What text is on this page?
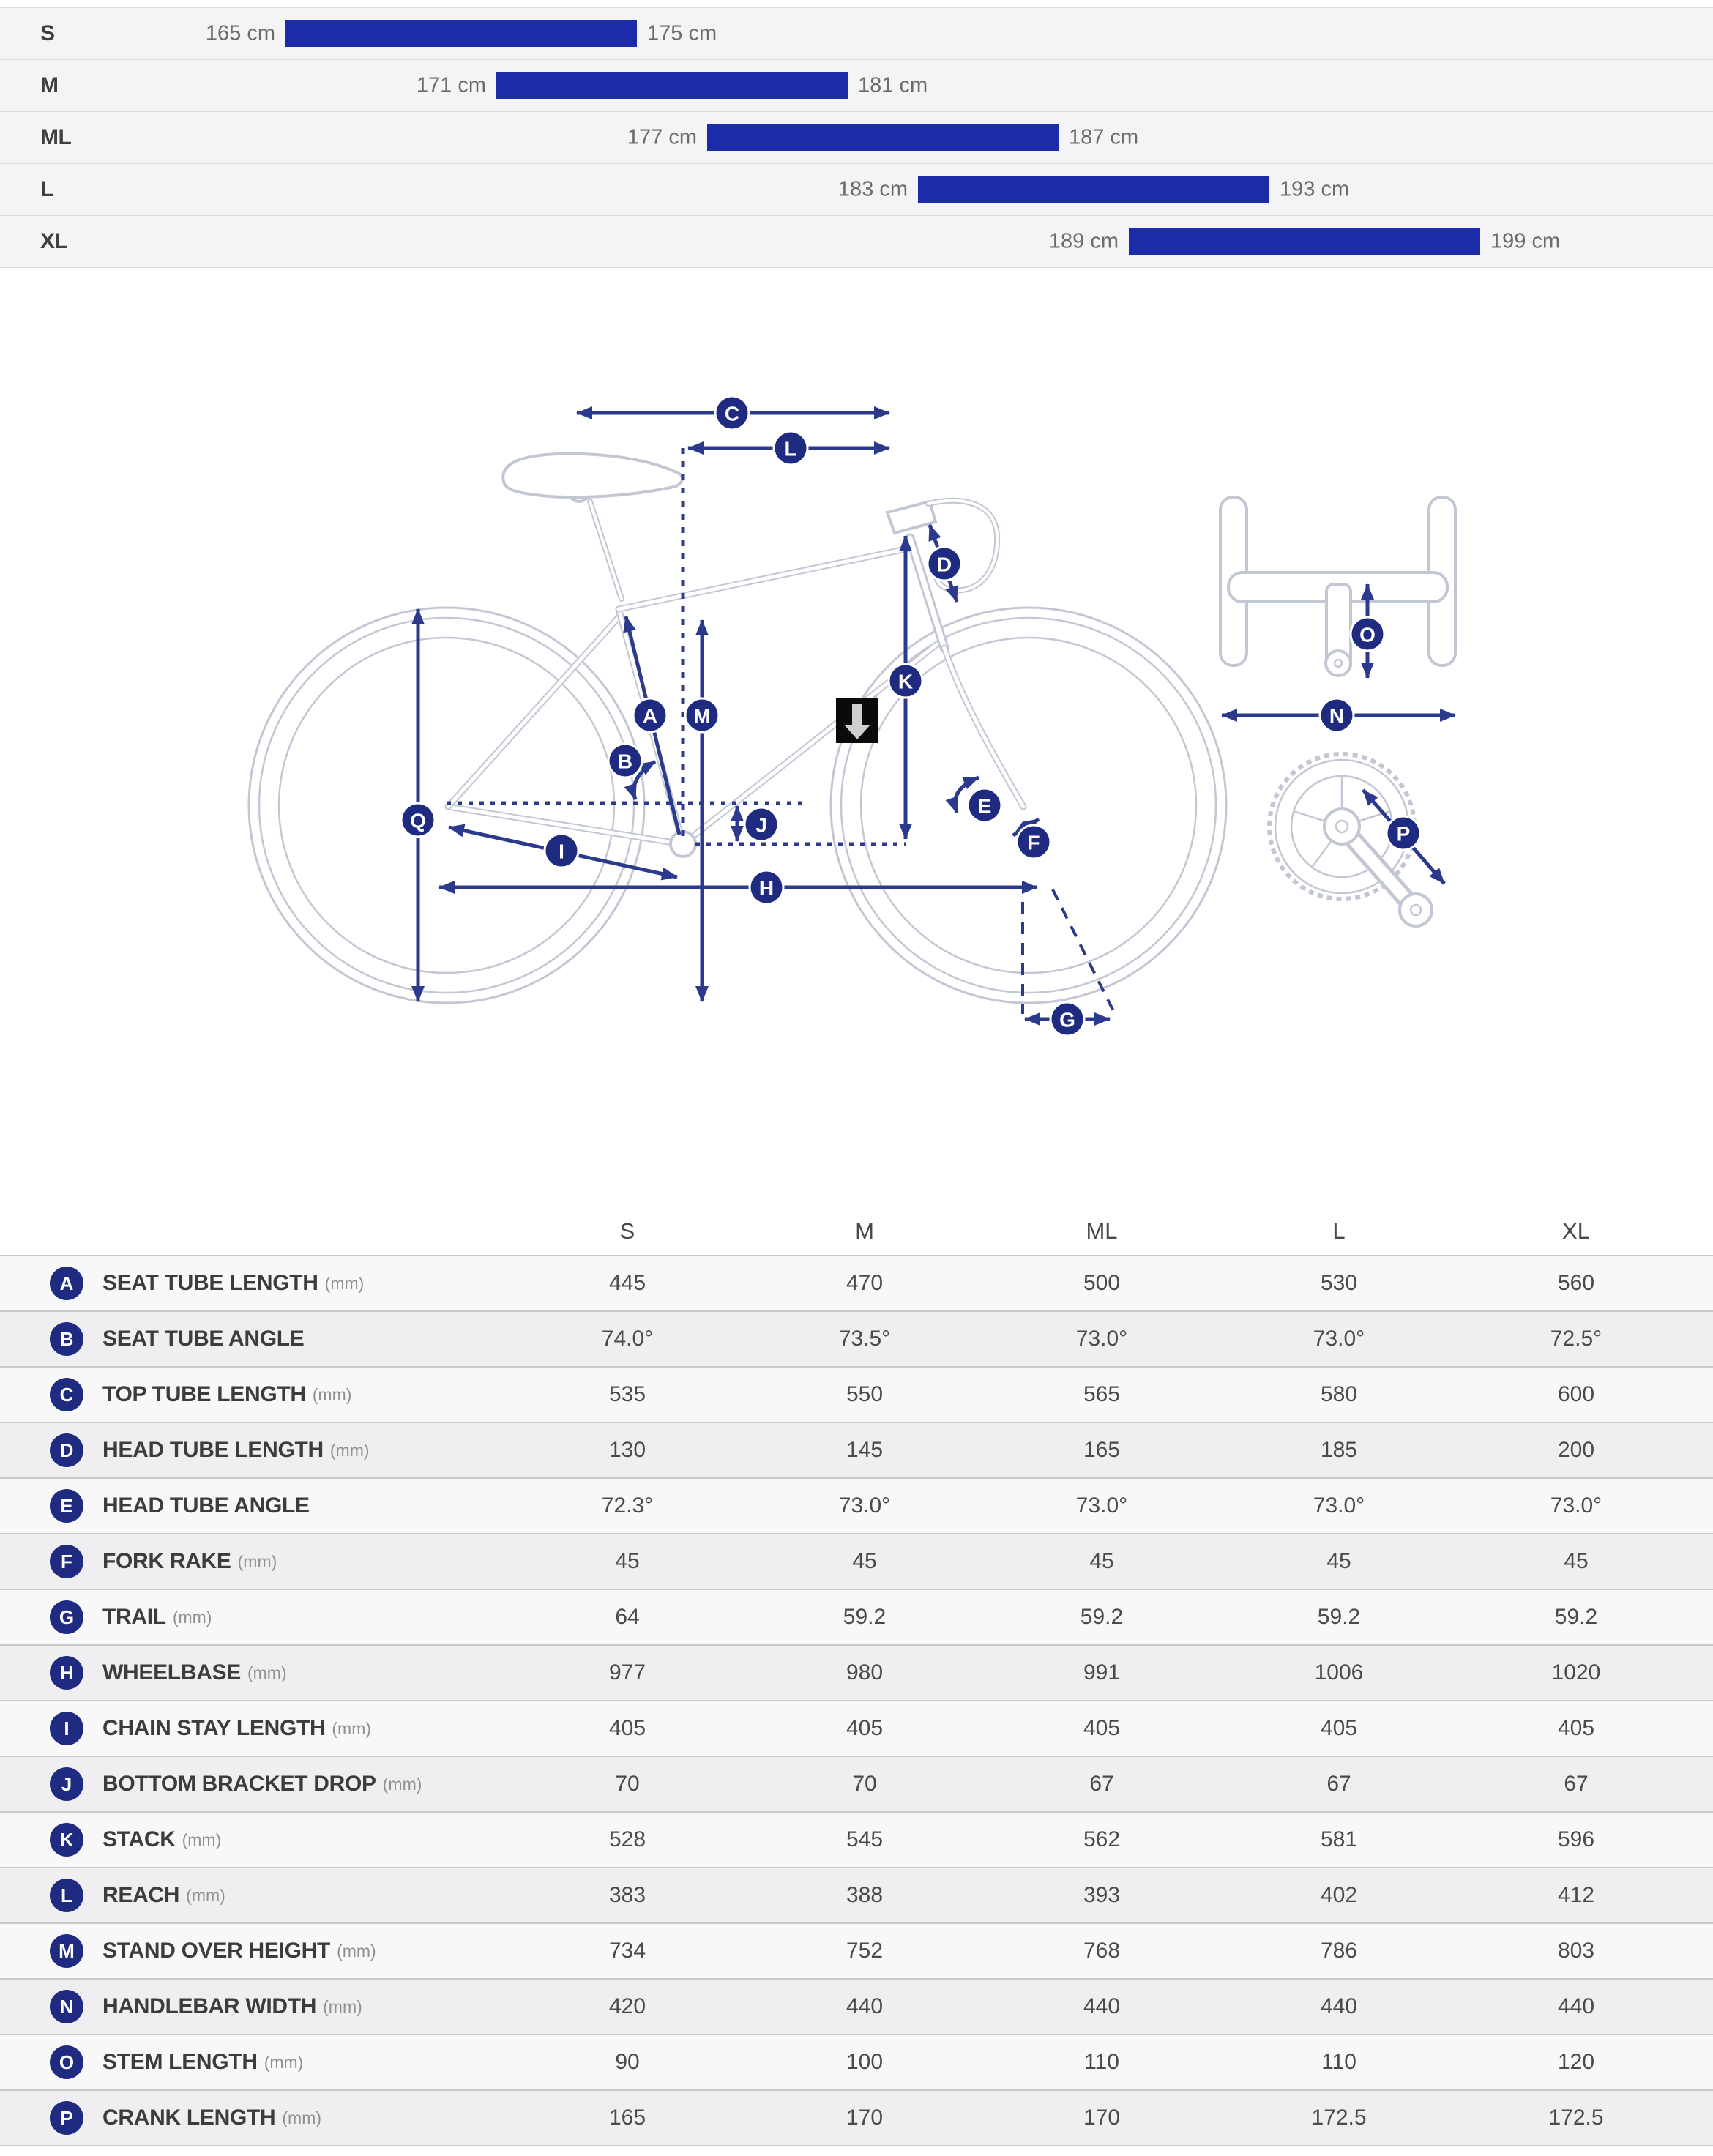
S	165 cm	175 cm
M	171 cm	181 cm
ML	177 cm	187 cm
L	183 cm	193 cm
XL	189 cm	199 cm
A
B
C
D
E
F
G
H
I
J
K
L
M	N
O
P
Q
	S	M	ML	L	XL	
A SEAT TUBE LENGTH (mm)	445	470	500	530	560	
B SEAT TUBE ANGLE	74.0°	73.5°	73.0°	73.0°	72.5°	
C TOP TUBE LENGTH (mm)	535	550	565	580	600	
D HEAD TUBE LENGTH (mm)	130	145	165	185	200	
E HEAD TUBE ANGLE	72.3°	73.0°	73.0°	73.0°	73.0°	
F FORK RAKE (mm)	45	45	45	45	45	
G TRAIL (mm)	64	59.2	59.2	59.2	59.2	
H WHEELBASE (mm)	977	980	991	1006	1020	
I CHAIN STAY LENGTH (mm)	405	405	405	405	405	
J BOTTOM BRACKET DROP (mm)	70	70	67	67	67	
K STACK (mm)	528	545	562	581	596	
L REACH (mm)	383	388	393	402	412	
M STAND OVER HEIGHT (mm)	734	752	768	786	803	
N HANDLEBAR WIDTH (mm)	420	440	440	440	440	
O STEM LENGTH (mm)	90	100	110	110	120	
P CRANK LENGTH (mm)	165	170	170	172.5	172.5	
